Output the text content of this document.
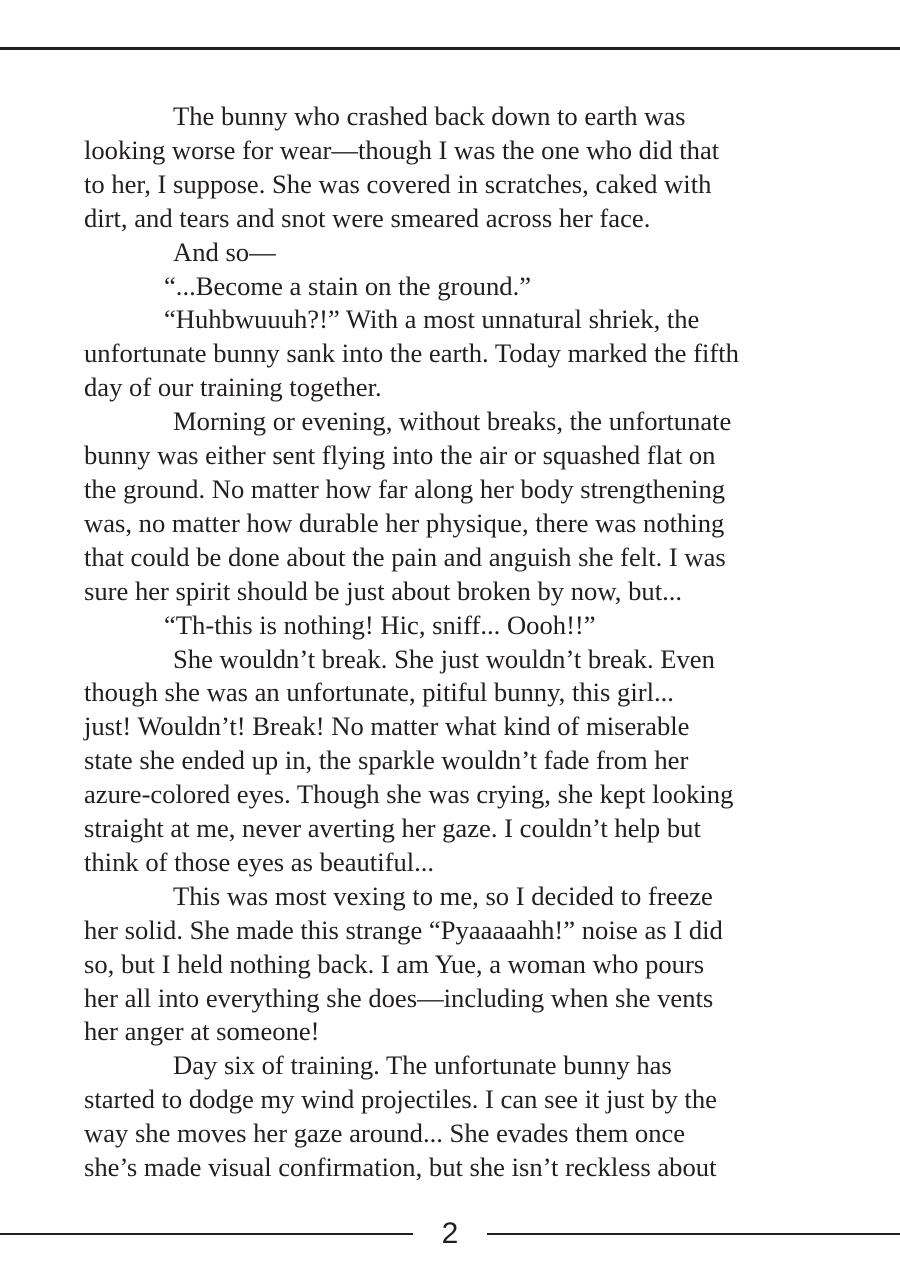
The bunny who crashed back down to earth was
looking worse for wear—though I was the one who did that
to her, I suppose. She was covered in scratches, caked with
dirt, and tears and snot were smeared across her face.
And so—
“...Become a stain on the ground.”
“Huhbwuuuh?!” With a most unnatural shriek, the
unfortunate bunny sank into the earth. Today marked the fifth
day of our training together.
Morning or evening, without breaks, the unfortunate
bunny was either sent flying into the air or squashed flat on
the ground. No matter how far along her body strengthening
was, no matter how durable her physique, there was nothing
that could be done about the pain and anguish she felt. I was
sure her spirit should be just about broken by now, but...
“Th-this is nothing! Hic, sniff... Oooh!!”
She wouldn’t break. She just wouldn’t break. Even
though she was an unfortunate, pitiful bunny, this girl...
just! Wouldn’t! Break! No matter what kind of miserable
state she ended up in, the sparkle wouldn’t fade from her
azure-colored eyes. Though she was crying, she kept looking
straight at me, never averting her gaze. I couldn’t help but
think of those eyes as beautiful...
This was most vexing to me, so I decided to freeze
her solid. She made this strange “Pyaaaaahh!” noise as I did
so, but I held nothing back. I am Yue, a woman who pours
her all into everything she does—including when she vents
her anger at someone!
Day six of training. The unfortunate bunny has
started to dodge my wind projectiles. I can see it just by the
way she moves her gaze around... She evades them once
she’s made visual confirmation, but she isn’t reckless about
2
